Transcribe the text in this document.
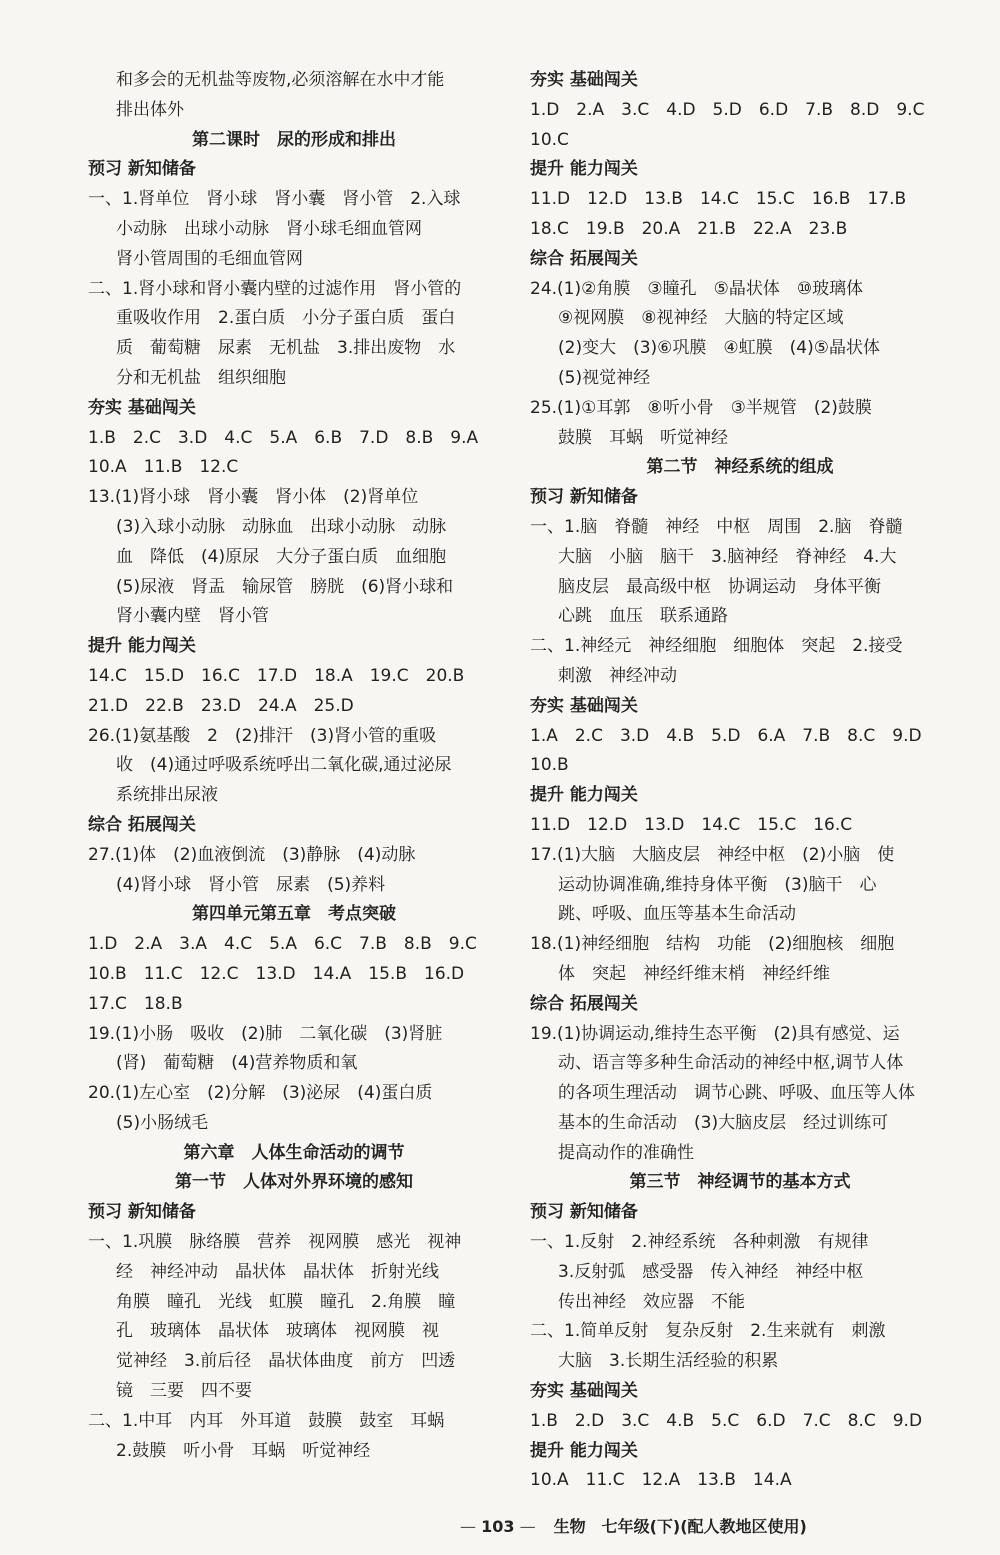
和多会的无机盐等废物,必须溶解在水中才能
排出体外
第二课时　尿的形成和排出
预习 新知储备
一、1.肾单位　肾小球　肾小囊　肾小管　2.入球
小动脉　出球小动脉　肾小球毛细血管网
肾小管周围的毛细血管网
二、1.肾小球和肾小囊内壁的过滤作用　肾小管的
重吸收作用　2.蛋白质　小分子蛋白质　蛋白
质　葡萄糖　尿素　无机盐　3.排出废物　水
分和无机盐　组织细胞
夯实 基础闯关
1.B　2.C　3.D　4.C　5.A　6.B　7.D　8.B　9.A
10.A　11.B　12.C
13.(1)肾小球　肾小囊　肾小体　(2)肾单位
(3)入球小动脉　动脉血　出球小动脉　动脉
血　降低　(4)原尿　大分子蛋白质　血细胞
(5)尿液　肾盂　输尿管　膀胱　(6)肾小球和
肾小囊内壁　肾小管
提升 能力闯关
14.C　15.D　16.C　17.D　18.A　19.C　20.B
21.D　22.B　23.D　24.A　25.D
26.(1)氨基酸　2　(2)排汗　(3)肾小管的重吸
收　(4)通过呼吸系统呼出二氧化碳,通过泌尿
系统排出尿液
综合 拓展闯关
27.(1)体　(2)血液倒流　(3)静脉　(4)动脉
(4)肾小球　肾小管　尿素　(5)养料
第四单元第五章　考点突破
1.D　2.A　3.A　4.C　5.A　6.C　7.B　8.B　9.C
10.B　11.C　12.C　13.D　14.A　15.B　16.D
17.C　18.B
19.(1)小肠　吸收　(2)肺　二氧化碳　(3)肾脏
(肾)　葡萄糖　(4)营养物质和氧
20.(1)左心室　(2)分解　(3)泌尿　(4)蛋白质
(5)小肠绒毛
第六章　人体生命活动的调节
第一节　人体对外界环境的感知
预习 新知储备
一、1.巩膜　脉络膜　营养　视网膜　感光　视神
经　神经冲动　晶状体　晶状体　折射光线
角膜　瞳孔　光线　虹膜　瞳孔　2.角膜　瞳
孔　玻璃体　晶状体　玻璃体　视网膜　视
觉神经　3.前后径　晶状体曲度　前方　凹透
镜　三要　四不要
二、1.中耳　内耳　外耳道　鼓膜　鼓室　耳蜗
2.鼓膜　听小骨　耳蜗　听觉神经
夯实 基础闯关
1.D　2.A　3.C　4.D　5.D　6.D　7.B　8.D　9.C
10.C
提升 能力闯关
11.D　12.D　13.B　14.C　15.C　16.B　17.B
18.C　19.B　20.A　21.B　22.A　23.B
综合 拓展闯关
24.(1)②角膜　③瞳孔　⑤晶状体　⑩玻璃体
⑨视网膜　⑧视神经　大脑的特定区域
(2)变大　(3)⑥巩膜　④虹膜　(4)⑤晶状体
(5)视觉神经
25.(1)①耳郭　⑧听小骨　③半规管　(2)鼓膜
鼓膜　耳蜗　听觉神经
第二节　神经系统的组成
预习 新知储备
一、1.脑　脊髓　神经　中枢　周围　2.脑　脊髓
大脑　小脑　脑干　3.脑神经　脊神经　4.大
脑皮层　最高级中枢　协调运动　身体平衡
心跳　血压　联系通路
二、1.神经元　神经细胞　细胞体　突起　2.接受
刺激　神经冲动
夯实 基础闯关
1.A　2.C　3.D　4.B　5.D　6.A　7.B　8.C　9.D
10.B
提升 能力闯关
11.D　12.D　13.D　14.C　15.C　16.C
17.(1)大脑　大脑皮层　神经中枢　(2)小脑　使
运动协调准确,维持身体平衡　(3)脑干　心
跳、呼吸、血压等基本生命活动
18.(1)神经细胞　结构　功能　(2)细胞核　细胞
体　突起　神经纤维末梢　神经纤维
综合 拓展闯关
19.(1)协调运动,维持生态平衡　(2)具有感觉、运
动、语言等多种生命活动的神经中枢,调节人体
的各项生理活动　调节心跳、呼吸、血压等人体
基本的生命活动　(3)大脑皮层　经过训练可
提高动作的准确性
第三节　神经调节的基本方式
预习 新知储备
一、1.反射　2.神经系统　各种刺激　有规律
3.反射弧　感受器　传入神经　神经中枢
传出神经　效应器　不能
二、1.简单反射　复杂反射　2.生来就有　刺激
大脑　3.长期生活经验的积累
夯实 基础闯关
1.B　2.D　3.C　4.B　5.C　6.D　7.C　8.C　9.D
提升 能力闯关
10.A　11.C　12.A　13.B　14.A
— 103 — 生物　七年级(下)(配人教地区使用)
